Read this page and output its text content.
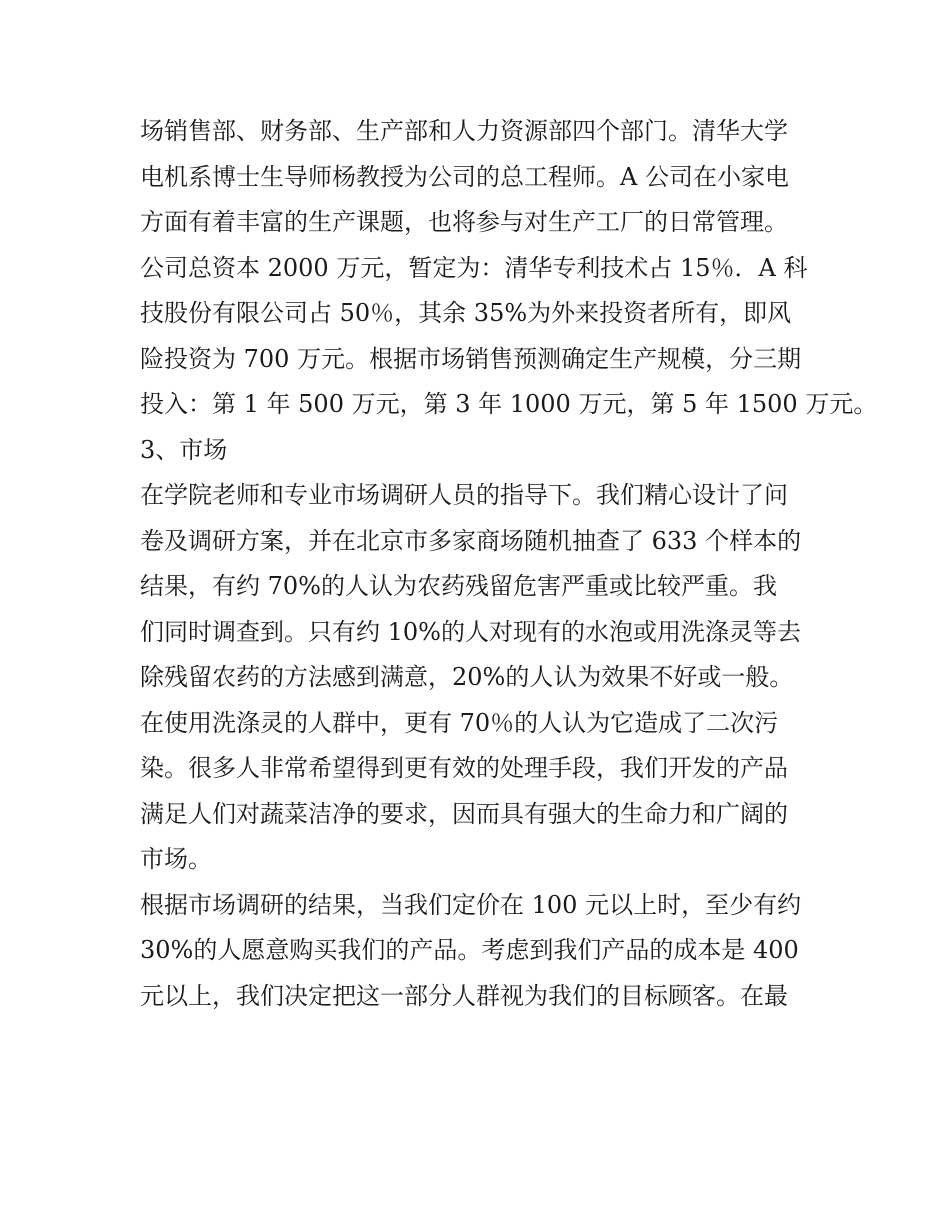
场销售部、财务部、生产部和人力资源部四个部门。清华大学

电机系博士生导师杨教授为公司的总工程师。A 公司在小家电

方面有着丰富的生产课题，也将参与对生产工厂的日常管理。

公司总资本 2000 万元，暂定为：清华专利技术占 15％．A 科

技股份有限公司占 50％，其余 35%为外来投资者所有，即风

险投资为 700 万元。根据市场销售预测确定生产规模，分三期

投入：第 1 年 500 万元，第 3 年 1000 万元，第 5 年 1500 万元。

3、市场

在学院老师和专业市场调研人员的指导下。我们精心设计了问

卷及调研方案，并在北京市多家商场随机抽查了 633 个样本的

结果，有约 70%的人认为农药残留危害严重或比较严重。我

们同时调查到。只有约 10%的人对现有的水泡或用洗涤灵等去

除残留农药的方法感到满意，20%的人认为效果不好或一般。

在使用洗涤灵的人群中，更有 70％的人认为它造成了二次污

染。很多人非常希望得到更有效的处理手段，我们开发的产品

满足人们对蔬菜洁净的要求，因而具有强大的生命力和广阔的

市场。

根据市场调研的结果，当我们定价在 100 元以上时，至少有约

30%的人愿意购买我们的产品。考虑到我们产品的成本是 400

元以上，我们决定把这一部分人群视为我们的目标顾客。在最
